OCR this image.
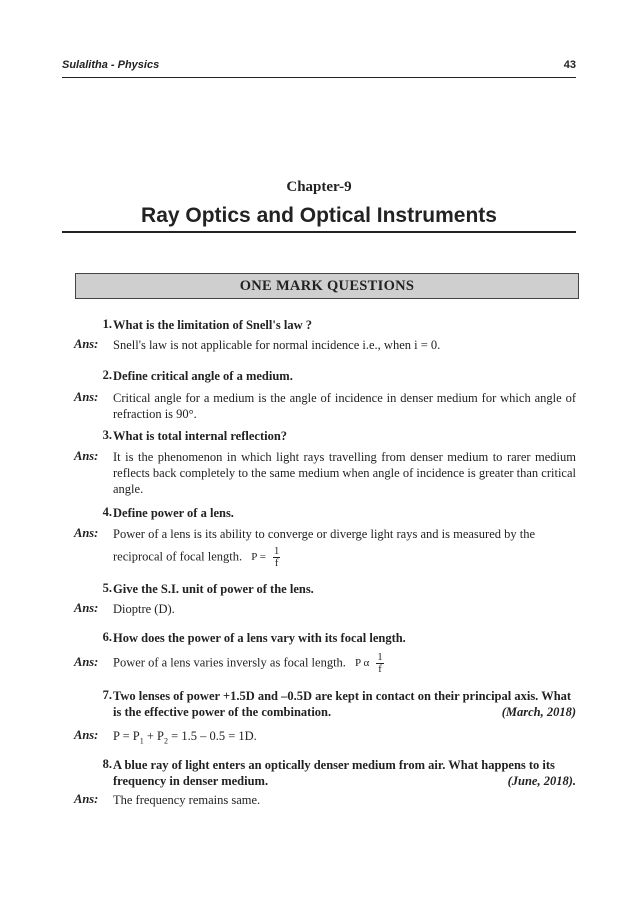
Sulalitha - Physics	43
Chapter-9
Ray Optics and Optical Instruments
ONE MARK QUESTIONS
1. What is the limitation of Snell's law ?
Ans: Snell's law is not applicable for normal incidence i.e., when i = 0.
2. Define critical angle of a medium.
Ans: Critical angle for a medium is the angle of incidence in denser medium for which angle of refraction is 90°.
3. What is total internal reflection?
Ans: It is the phenomenon in which light rays travelling from denser medium to rarer medium reflects back completely to the same medium when angle of incidence is greater than critical angle.
4. Define power of a lens.
Ans: Power of a lens is its ability to converge or diverge light rays and is measured by the
reciprocal of focal length. $P = \frac{1}{f}$
5. Give the S.I. unit of power of the lens.
Ans: Dioptre (D).
6. How does the power of a lens vary with its focal length.
Ans: Power of a lens varies inversly as focal length. P α $\frac{1}{f}$
7. Two lenses of power +1.5D and –0.5D are kept in contact on their principal axis. What is the effective power of the combination.	(March, 2018)
Ans: $P = P_1 + P_2 = 1.5 - 0.5 = 1D$.
8. A blue ray of light enters an optically denser medium from air. What happens to its frequency in denser medium.	(June, 2018).
Ans: The frequency remains same.
